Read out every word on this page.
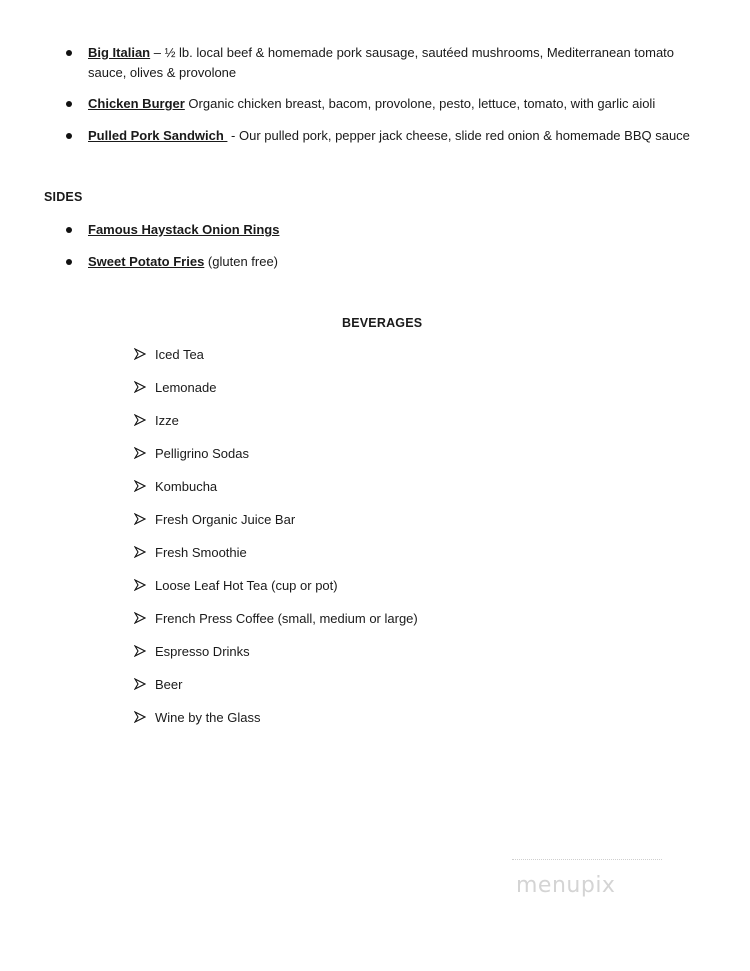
Big Italian – ½ lb. local beef & homemade pork sausage, sautéed mushrooms, Mediterranean tomato sauce, olives & provolone
Chicken Burger Organic chicken breast, bacom, provolone, pesto, lettuce, tomato, with garlic aioli
Pulled Pork Sandwich  - Our pulled pork, pepper jack cheese, slide red onion & homemade BBQ sauce
SIDES
Famous Haystack Onion Rings
Sweet Potato Fries (gluten free)
BEVERAGES
Iced Tea
Lemonade
Izze
Pelligrino Sodas
Kombucha
Fresh Organic Juice Bar
Fresh Smoothie
Loose Leaf Hot Tea (cup or pot)
French Press Coffee (small, medium or large)
Espresso Drinks
Beer
Wine by the Glass
menupix
